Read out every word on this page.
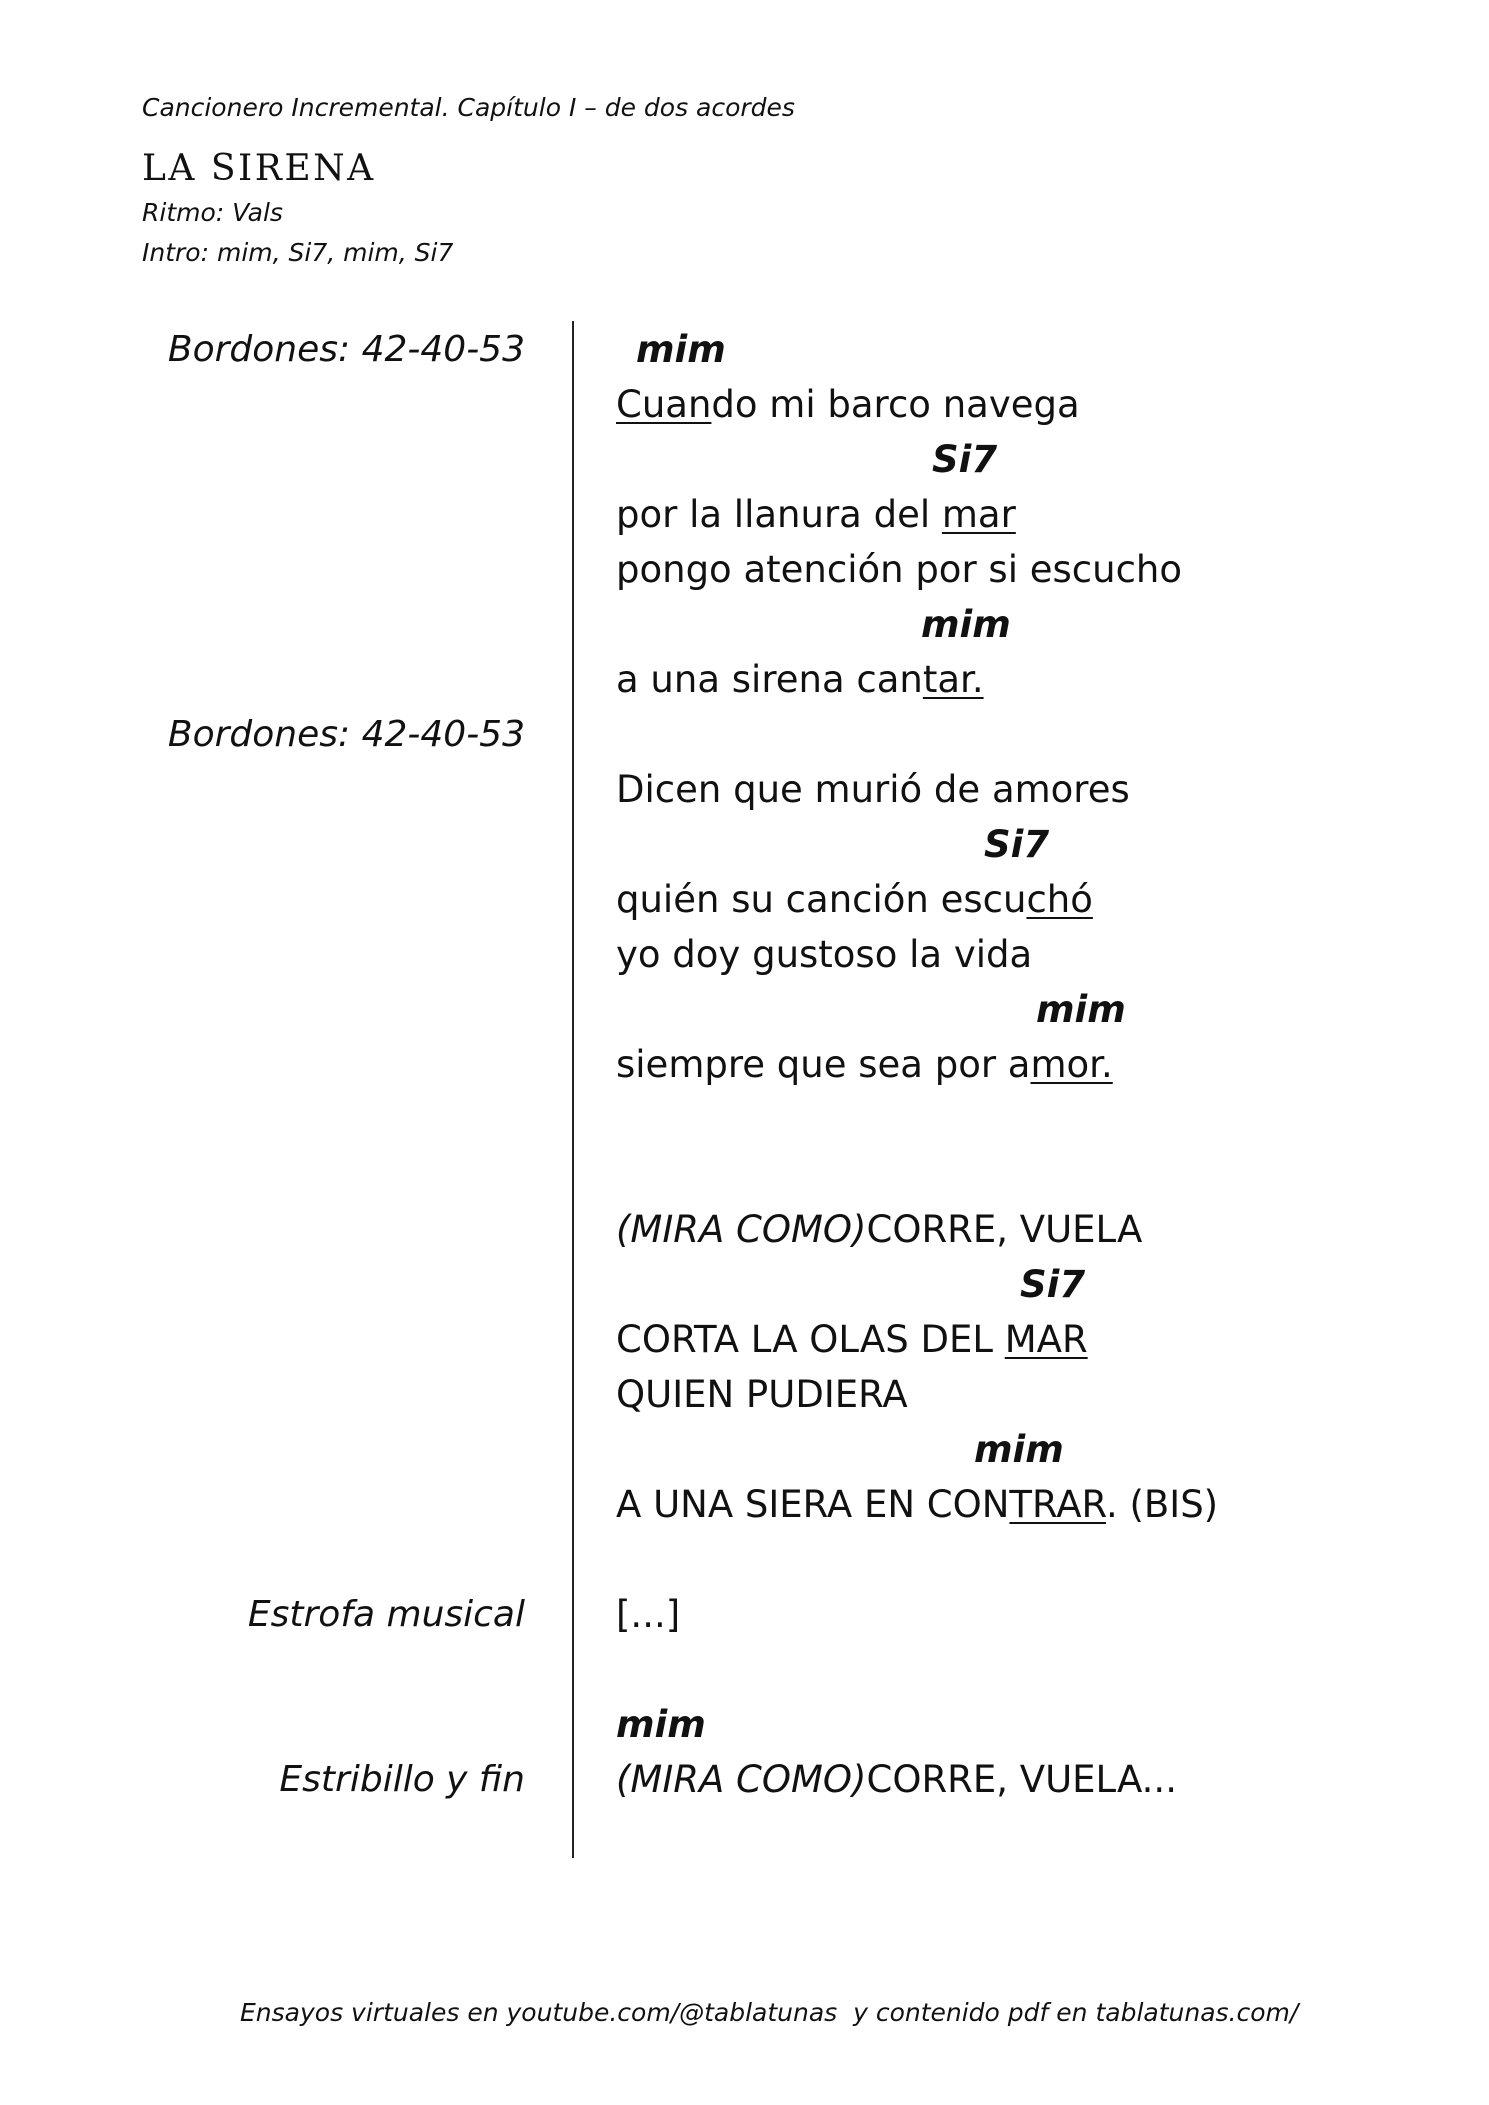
Cancionero Incremental. Capítulo I – de dos acordes
LA SIRENA
Ritmo: Vals
Intro: mim, Si7, mim, Si7
Bordones: 42-40-53
Bordones: 42-40-53
Estrofa musical
Estribillo y fin
mim
Cuando mi barco navega
Si7
por la llanura del mar
pongo atención por si escucho
mim
a una sirena cantar.
Dicen que murió de amores
Si7
quién su canción escuchó
yo doy gustoso la vida
mim
siempre que sea por amor.
(MIRA COMO)CORRE, VUELA
Si7
CORTA LA OLAS DEL MAR
QUIEN PUDIERA
mim
A UNA SIERA EN CONTRAR. (BIS)
[...]
mim
(MIRA COMO)CORRE, VUELA...
Ensayos virtuales en youtube.com/@tablatunas  y contenido pdf en tablatunas.com/
